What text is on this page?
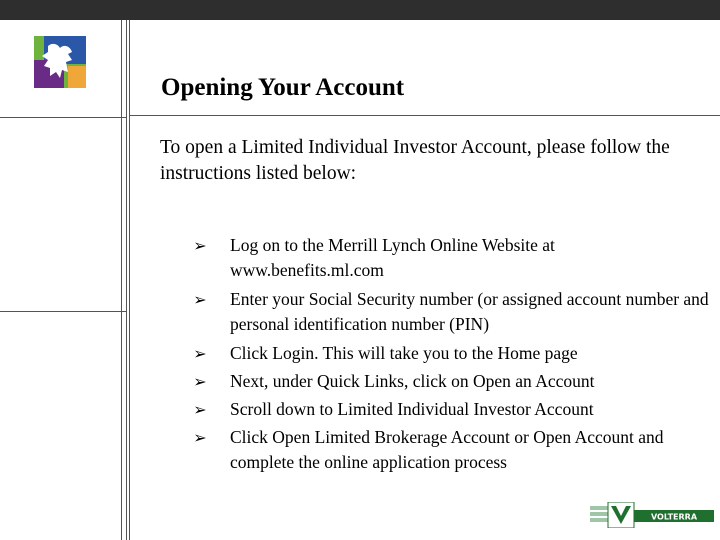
Opening Your Account
To open a Limited Individual Investor Account, please follow the instructions listed below:
➢ Log on to the Merrill Lynch Online Website at www.benefits.ml.com
➢ Enter your Social Security number (or assigned account number and personal identification number (PIN)
➢ Click Login. This will take you to the Home page
➢ Next, under Quick Links, click on Open an Account
➢ Scroll down to Limited Individual Investor Account
➢ Click Open Limited Brokerage Account or Open Account and complete the online application process
VOLTERRA
